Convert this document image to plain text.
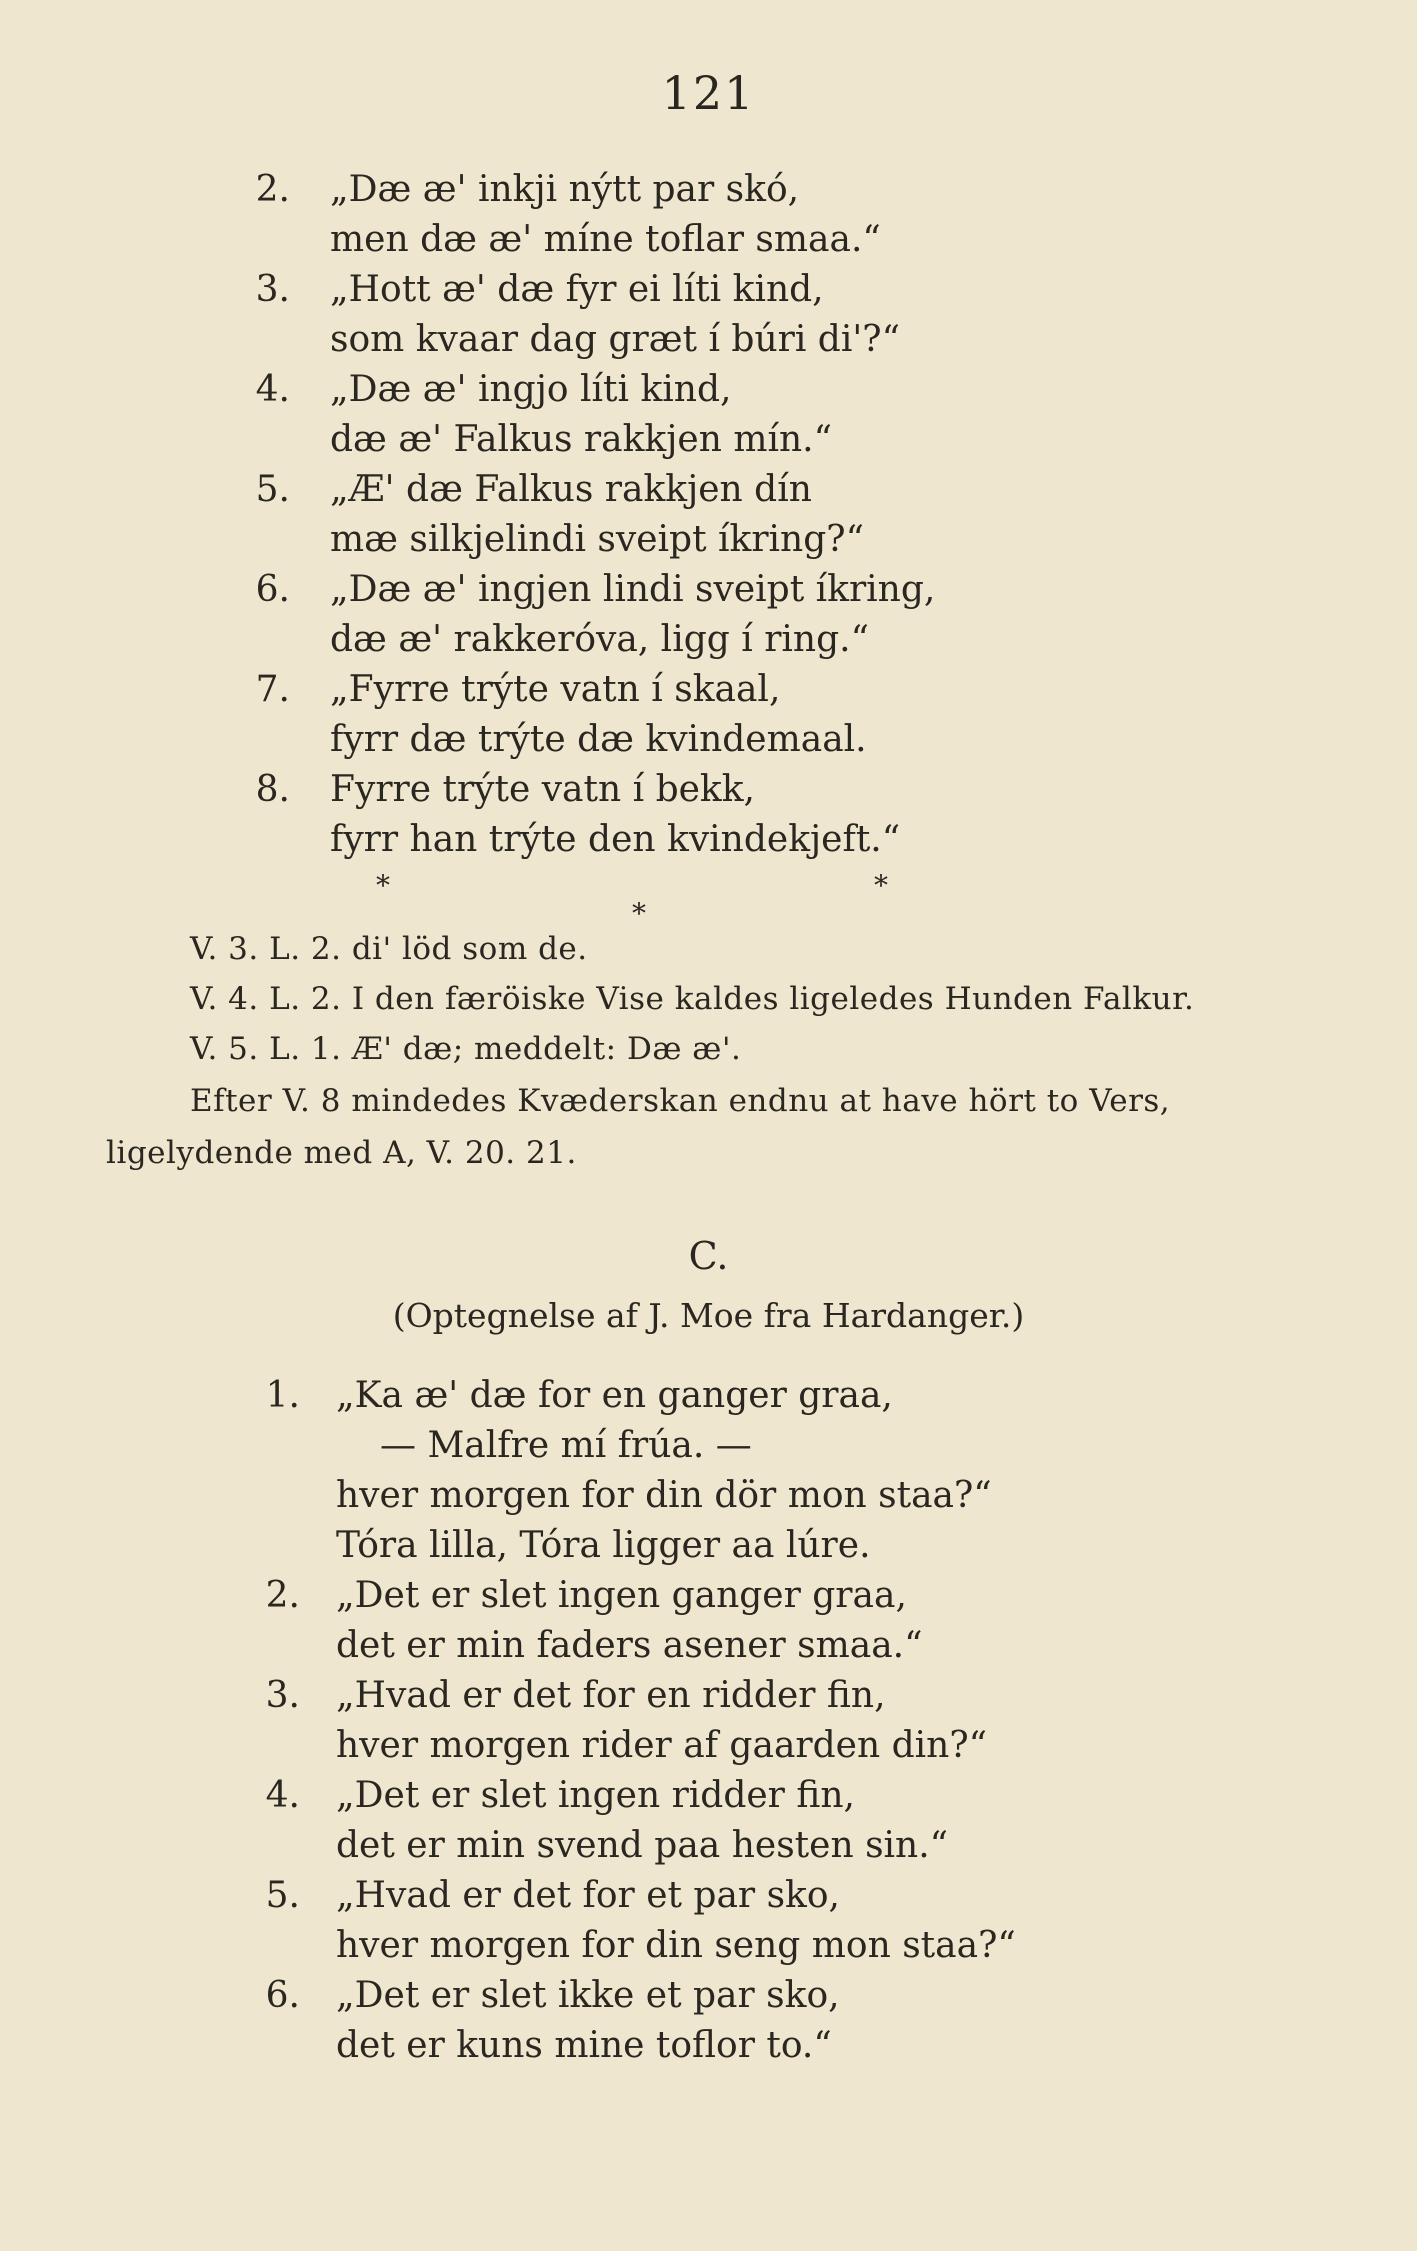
121
2. „Dæ æ' inkji nýtt par skó,
men dæ æ' míne toflar smaa.“
3. „Hott æ' dæ fyr ei líti kind,
som kvaar dag græt í búri di'?“
4. „Dæ æ' ingjo líti kind,
dæ æ' Falkus rakkjen mín.“
5. „Æ' dæ Falkus rakkjen dín
mæ silkjelindi sveipt íkring?“
6. „Dæ æ' ingjen lindi sveipt íkring,
dæ æ' rakkeróva, ligg í ring.“
7. „Fyrre trýte vatn í skaal,
fyrr dæ trýte dæ kvindemaal.
8. Fyrre trýte vatn í bekk,
fyrr han trýte den kvindekjeft.“
*	*
*
V. 3. L. 2. di' löd som de.
V. 4. L. 2. I den færöiske Vise kaldes ligeledes Hunden Falkur.
V. 5. L. 1. Æ' dæ; meddelt: Dæ æ'.
Efter V. 8 mindedes Kvæderskan endnu at have hört to Vers,
ligelydende med A, V. 20. 21.
C.
(Optegnelse af J. Moe fra Hardanger.)
1. „Ka æ' dæ for en ganger graa,
— Malfre mí frúa. —
hver morgen for din dör mon staa?“
Tóra lilla, Tóra ligger aa lúre.
2. „Det er slet ingen ganger graa,
det er min faders asener smaa.“
3. „Hvad er det for en ridder fin,
hver morgen rider af gaarden din?“
4. „Det er slet ingen ridder fin,
det er min svend paa hesten sin.“
5. „Hvad er det for et par sko,
hver morgen for din seng mon staa?“
6. „Det er slet ikke et par sko,
det er kuns mine toflor to.“
